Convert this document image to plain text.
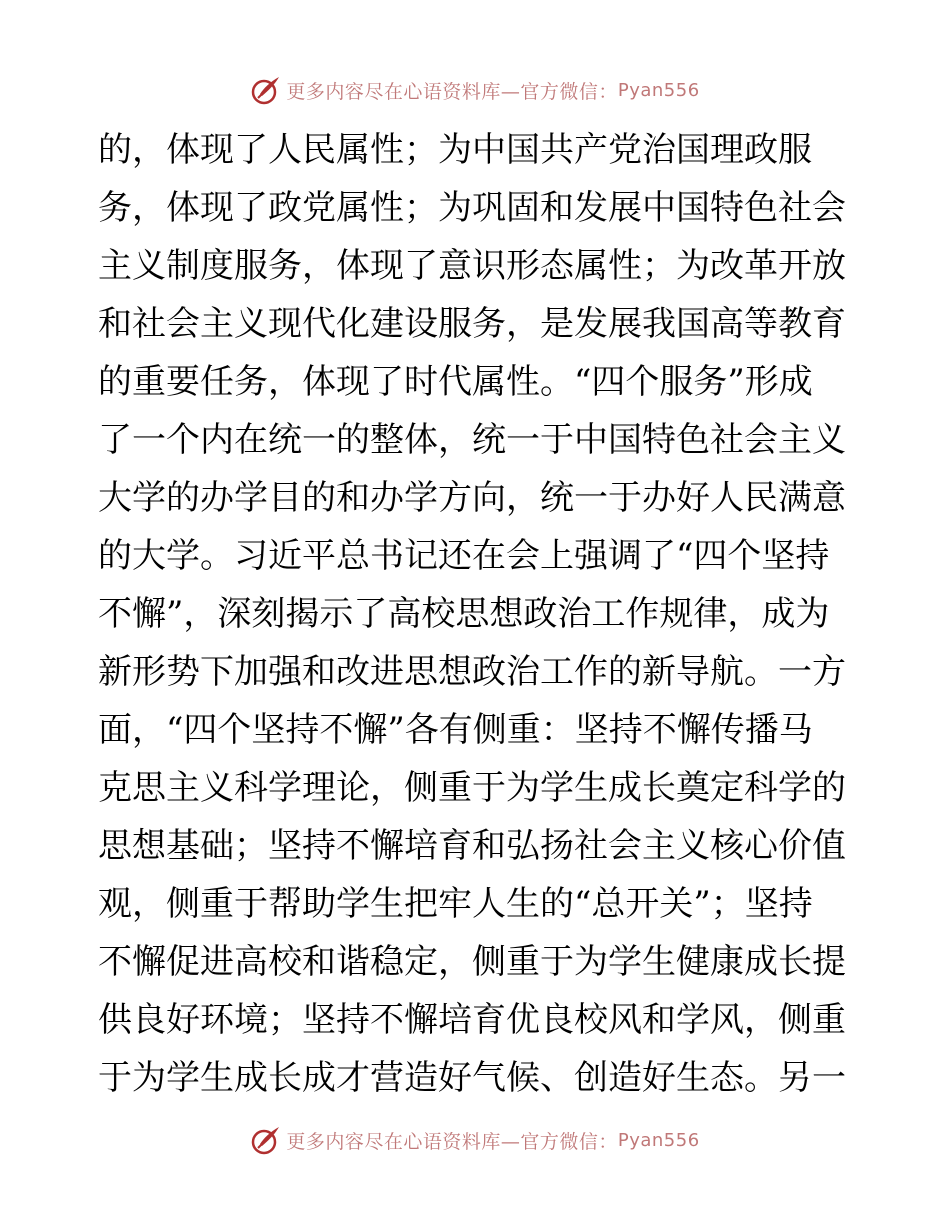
更多内容尽在心语资料库—官方微信： Pyan556
的，体现了人民属性；为中国共产党治国理政服
务，体现了政党属性；为巩固和发展中国特色社会
主义制度服务，体现了意识形态属性；为改革开放
和社会主义现代化建设服务，是发展我国高等教育
的重要任务，体现了时代属性。“四个服务”形成
了一个内在统一的整体，统一于中国特色社会主义
大学的办学目的和办学方向，统一于办好人民满意
的大学。习近平总书记还在会上强调了“四个坚持
不懈”，深刻揭示了高校思想政治工作规律，成为
新形势下加强和改进思想政治工作的新导航。一方
面，“四个坚持不懈”各有侧重：坚持不懈传播马
克思主义科学理论，侧重于为学生成长奠定科学的
思想基础；坚持不懈培育和弘扬社会主义核心价值
观，侧重于帮助学生把牢人生的“总开关”；坚持
不懈促进高校和谐稳定，侧重于为学生健康成长提
供良好环境；坚持不懈培育优良校风和学风，侧重
于为学生成长成才营造好气候、创造好生态。另一
更多内容尽在心语资料库—官方微信： Pyan556
